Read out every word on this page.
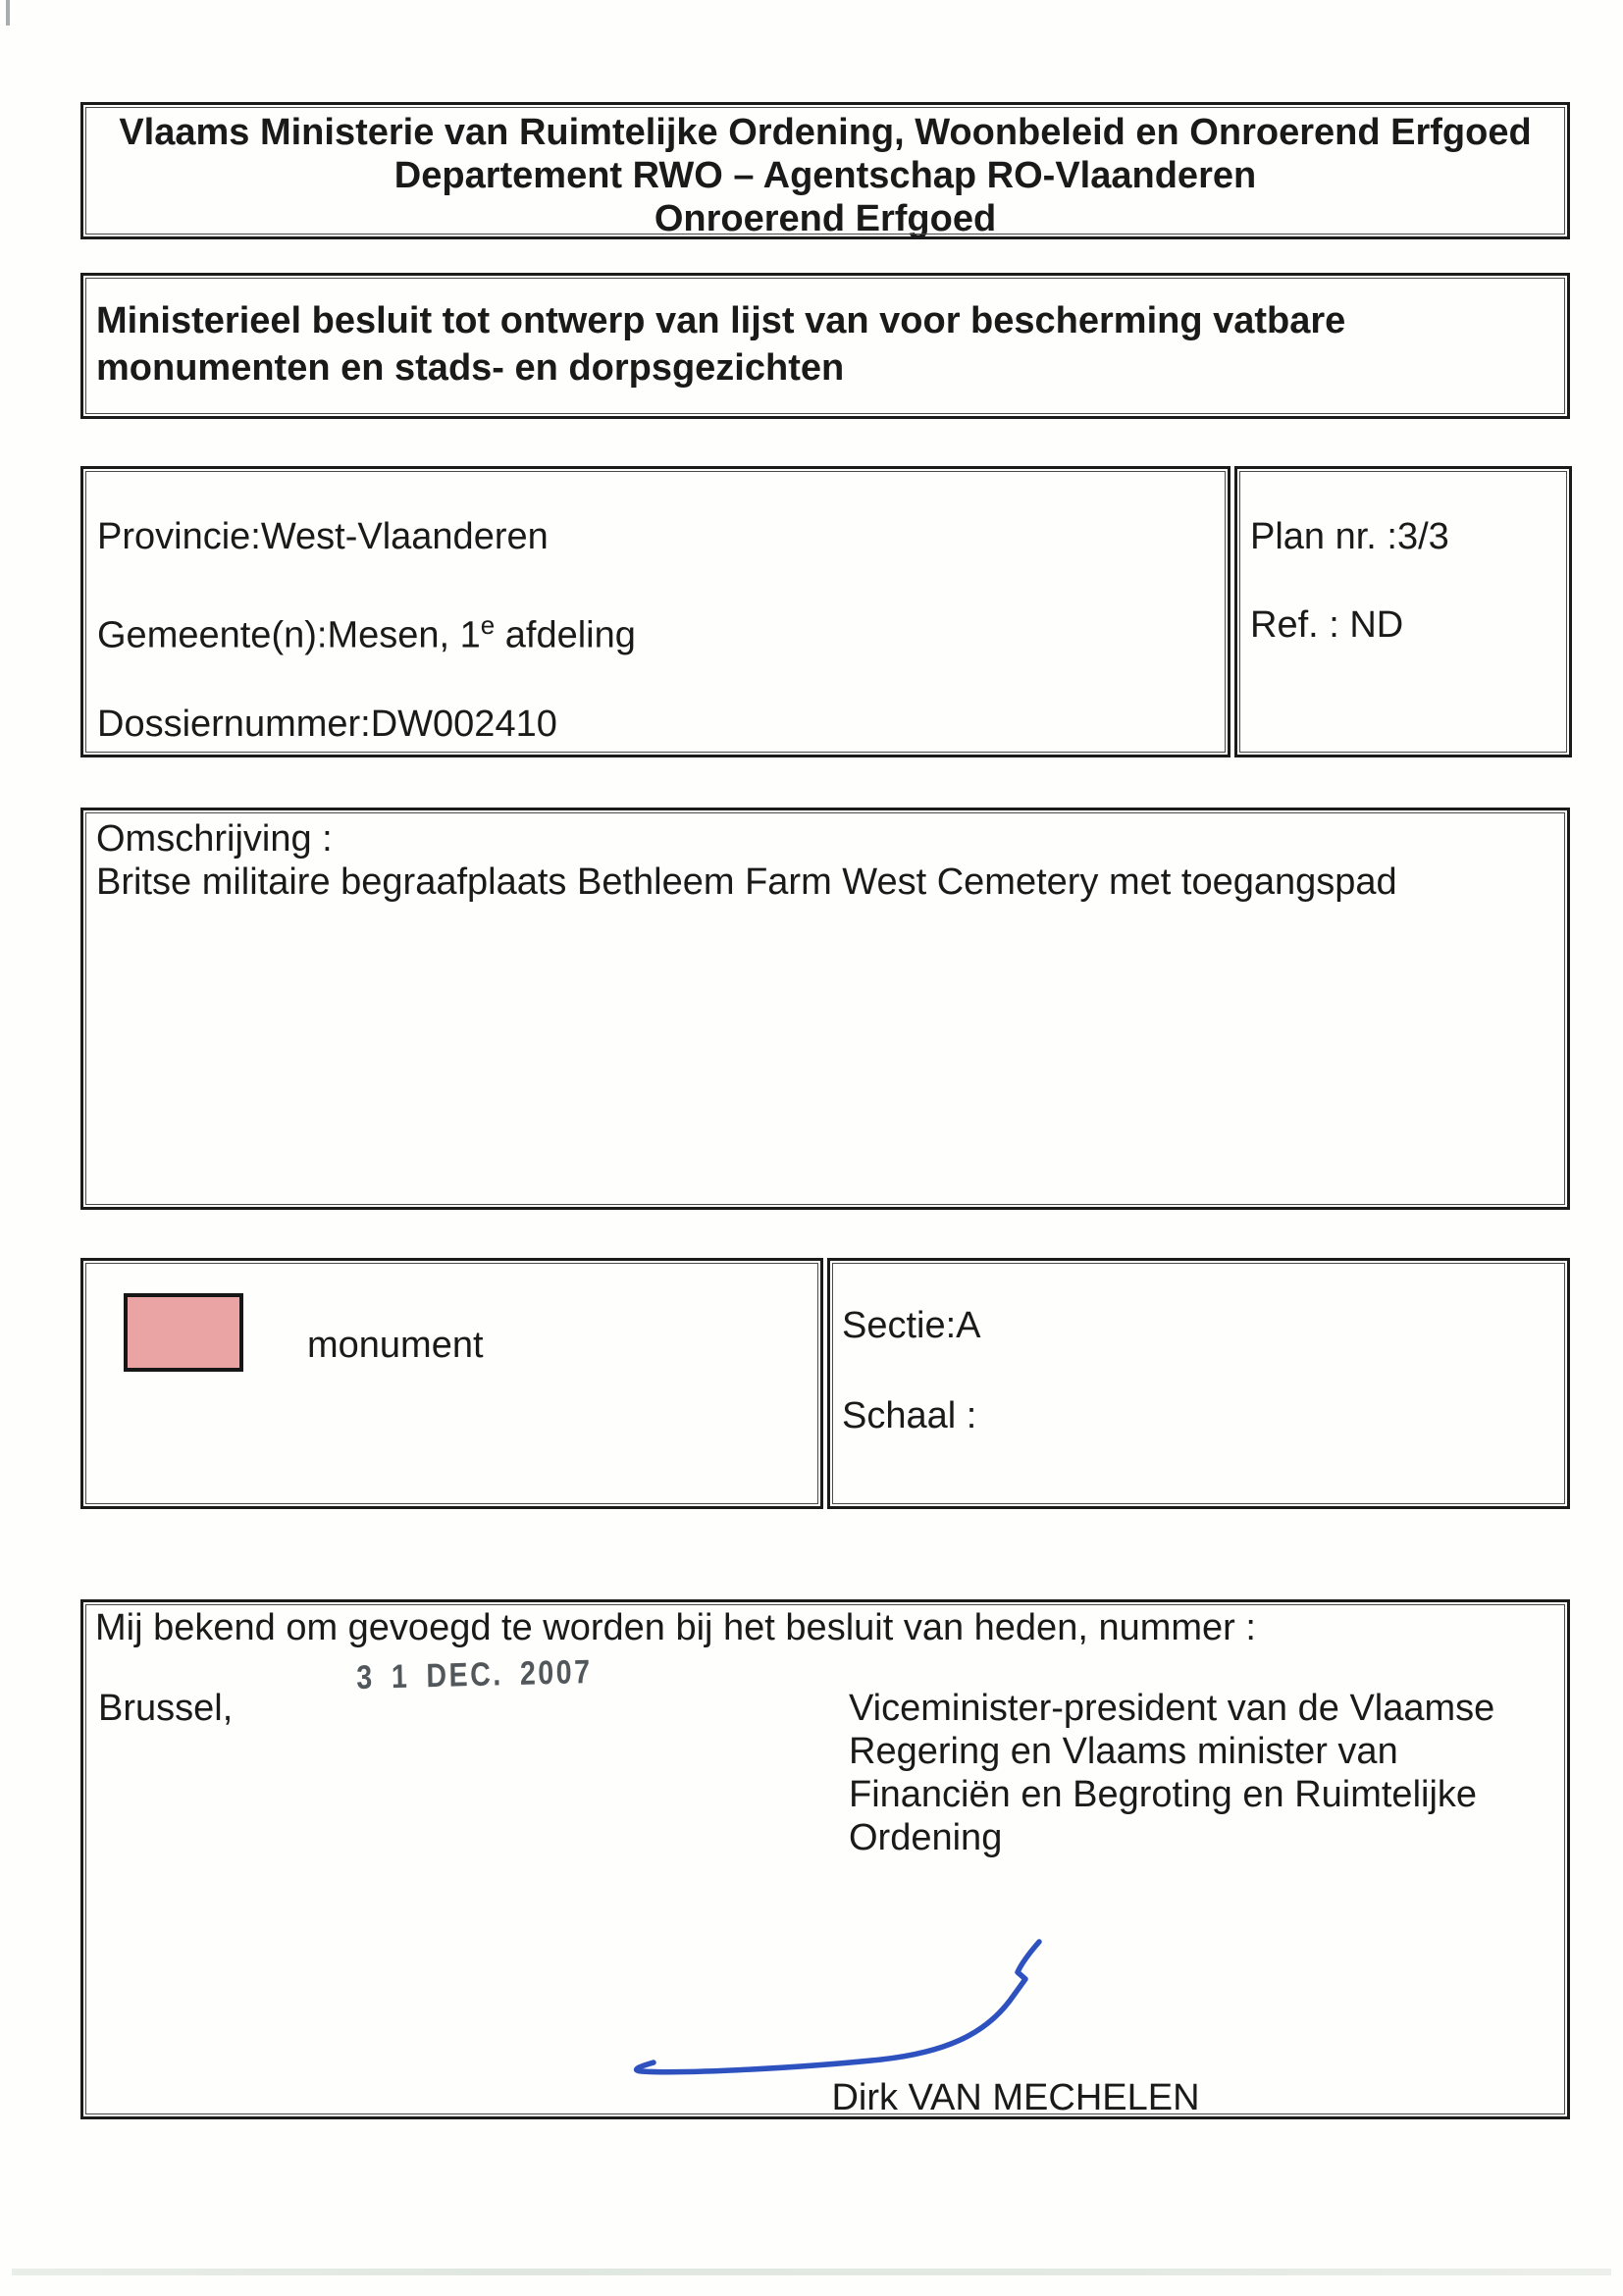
Vlaams Ministerie van Ruimtelijke Ordening, Woonbeleid en Onroerend Erfgoed
Departement RWO – Agentschap RO-Vlaanderen
Onroerend Erfgoed
Ministerieel besluit tot ontwerp van lijst van voor bescherming vatbare
monumenten en stads- en dorpsgezichten
Provincie:West-Vlaanderen
Gemeente(n):Mesen, 1e afdeling
Dossiernummer:DW002410
Plan nr. :3/3
Ref. : ND
Omschrijving :
Britse militaire begraafplaats Bethleem Farm West Cemetery met toegangspad
monument	Sectie:A
Schaal :
Mij bekend om gevoegd te worden bij het besluit van heden, nummer :
Brussel,
3 1 DEC. 2007
Viceminister-president van de Vlaamse
Regering en Vlaams minister van
Financiën en Begroting en Ruimtelijke
Ordening
Dirk VAN MECHELEN
